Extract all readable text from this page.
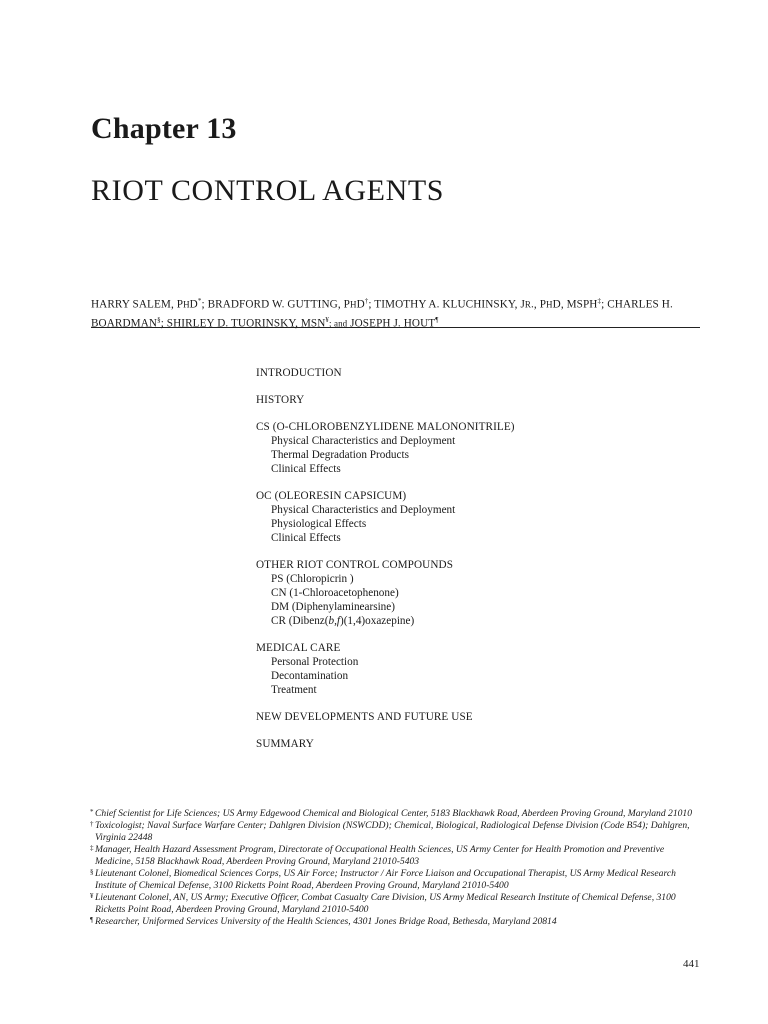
Chapter 13
RIOT CONTROL AGENTS
HARRY SALEM, PHD*; BRADFORD W. GUTTING, PHD†; TIMOTHY A. KLUCHINSKY, JR., PHD, MSPH‡; CHARLES H. BOARDMAN§; SHIRLEY D. TUORINSKY, MSN¥; and JOSEPH J. HOUT¶
INTRODUCTION
HISTORY
CS (O-CHLOROBENZYLIDENE MALONONITRILE)
Physical Characteristics and Deployment
Thermal Degradation Products
Clinical Effects
OC (OLEORESIN CAPSICUM)
Physical Characteristics and Deployment
Physiological Effects
Clinical Effects
OTHER RIOT CONTROL COMPOUNDS
PS (Chloropicrin )
CN (1-Chloroacetophenone)
DM (Diphenylaminearsine)
CR (Dibenz(b,f)(1,4)oxazepine)
MEDICAL CARE
Personal Protection
Decontamination
Treatment
NEW DEVELOPMENTS AND FUTURE USE
SUMMARY
* Chief Scientist for Life Sciences; US Army Edgewood Chemical and Biological Center, 5183 Blackhawk Road, Aberdeen Proving Ground, Maryland 21010
† Toxicologist; Naval Surface Warfare Center; Dahlgren Division (NSWCDD); Chemical, Biological, Radiological Defense Division (Code B54); Dahlgren, Virginia 22448
‡ Manager, Health Hazard Assessment Program, Directorate of Occupational Health Sciences, US Army Center for Health Promotion and Preventive Medicine, 5158 Blackhawk Road, Aberdeen Proving Ground, Maryland 21010-5403
§ Lieutenant Colonel, Biomedical Sciences Corps, US Air Force; Instructor / Air Force Liaison and Occupational Therapist, US Army Medical Research Institute of Chemical Defense, 3100 Ricketts Point Road, Aberdeen Proving Ground, Maryland 21010-5400
¥ Lieutenant Colonel, AN, US Army; Executive Officer, Combat Casualty Care Division, US Army Medical Research Institute of Chemical Defense, 3100 Ricketts Point Road, Aberdeen Proving Ground, Maryland 21010-5400
¶ Researcher, Uniformed Services University of the Health Sciences, 4301 Jones Bridge Road, Bethesda, Maryland 20814
441
